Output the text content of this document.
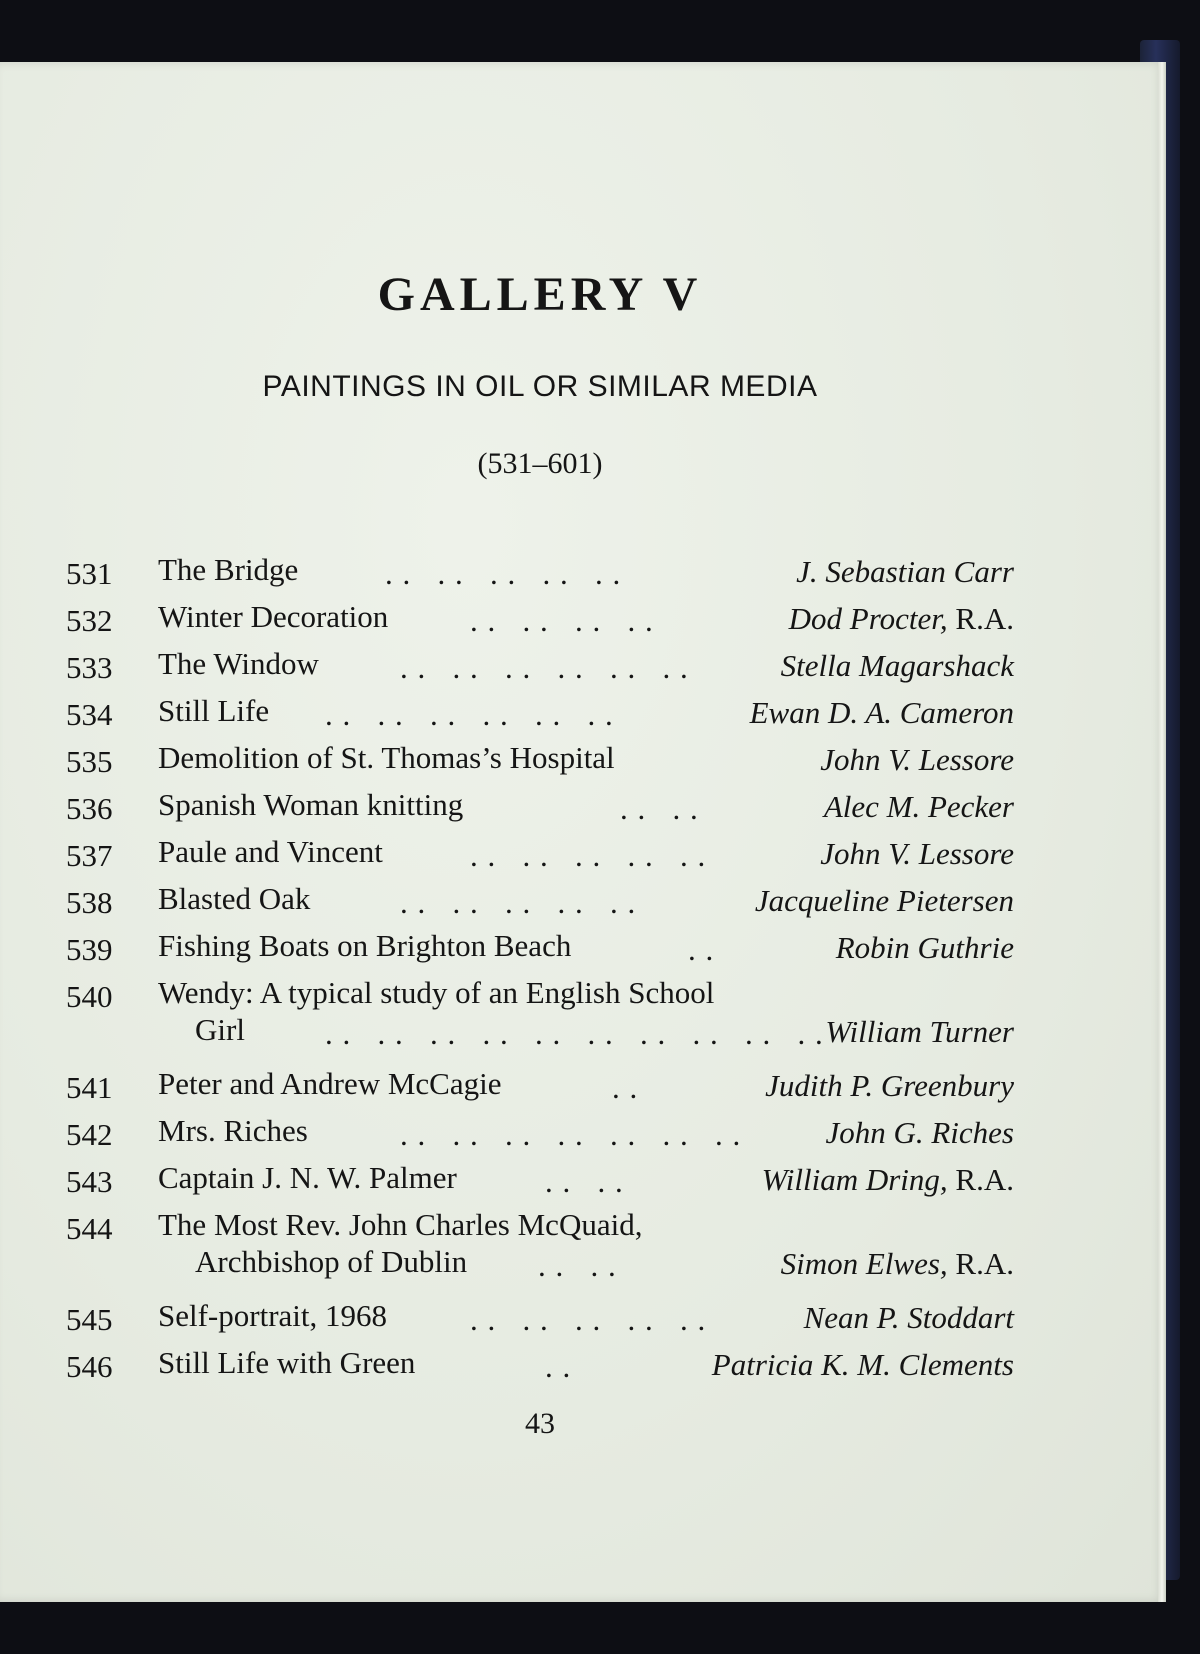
GALLERY V
PAINTINGS IN OIL OR SIMILAR MEDIA
(531–601)
531 The Bridge	. .   . .   . .   . .   . .	J. Sebastian Carr
532 Winter Decoration	. .   . .   . .   . .	Dod Procter, R.A.
533 The Window	. .   . .   . .   . .   . .   . .	Stella Magarshack
534 Still Life . .   . .   . .   . .   . .   . .	Ewan D. A. Cameron
535 Demolition of St. Thomas’s Hospital	John V. Lessore
536 Spanish Woman knitting	. .   . .	Alec M. Pecker
537 Paule and Vincent	. .   . .   . .   . .   . .	John V. Lessore
538 Blasted Oak	. .   . .   . .   . .   . .	Jacqueline Pietersen
539 Fishing Boats on Brighton Beach	. .	Robin Guthrie
540 Wendy: A typical study of an English School
Girl	. .   . .   . .   . .   . .   . .   . .   . .   . .   . . William Turner
541 Peter and Andrew McCagie	. .	Judith P. Greenbury
542 Mrs. Riches	. .   . .   . .   . .   . .   . .   . .	John G. Riches
543 Captain J. N. W. Palmer	. .   . .	William Dring, R.A.
544 The Most Rev. John Charles McQuaid,
Archbishop of Dublin . .   . .	Simon Elwes, R.A.
545 Self-portrait, 1968	. .   . .   . .   . .   . .	Nean P. Stoddart
546 Still Life with Green	. .	Patricia K. M. Clements
43
